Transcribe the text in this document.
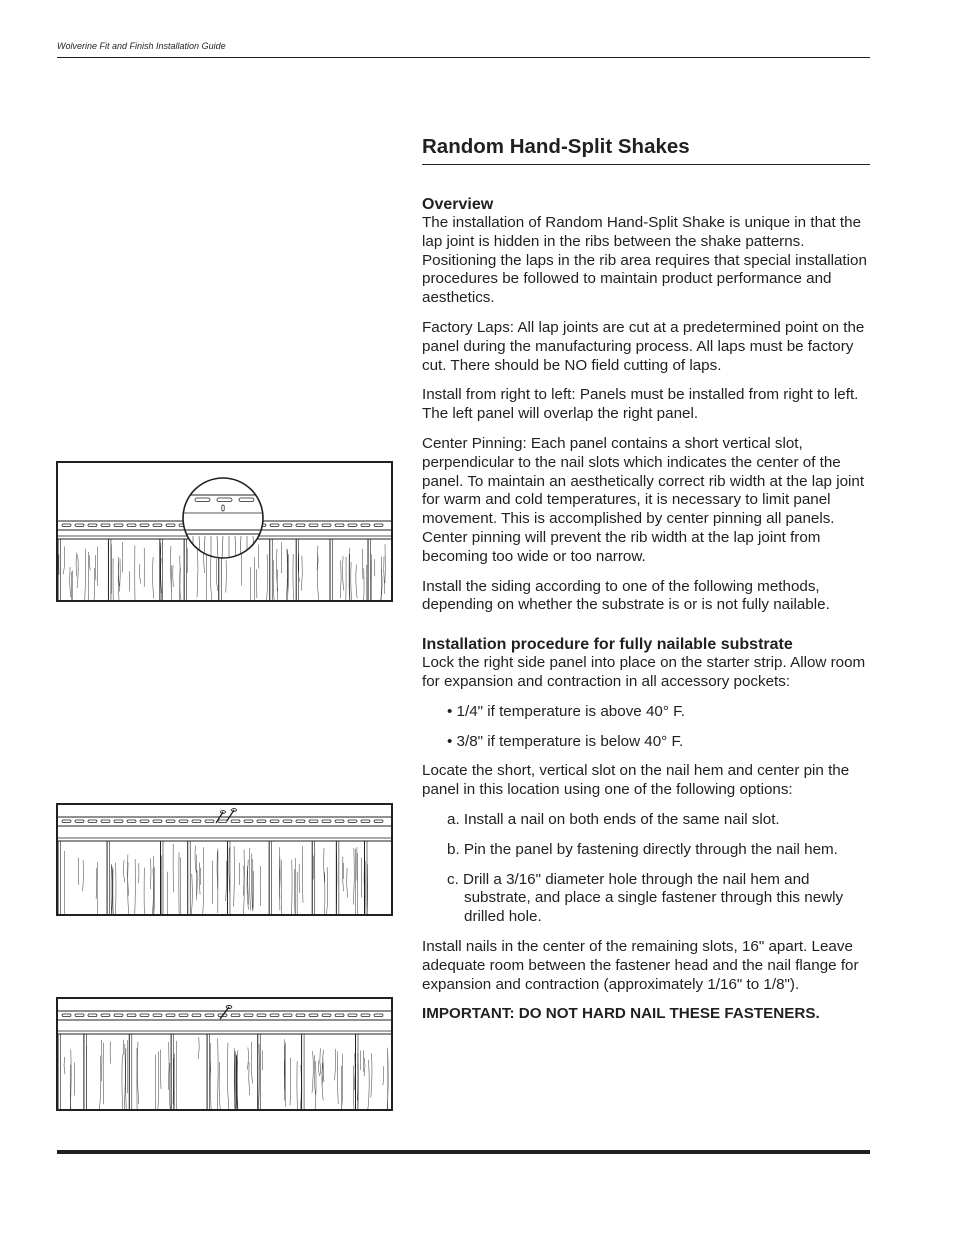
Wolverine Fit and Finish Installation Guide
Random Hand-Split Shakes
Overview

The installation of Random Hand-Split Shake is unique in that the lap joint is hidden in the ribs between the shake patterns. Positioning the laps in the rib area requires that special installation procedures be followed to maintain product performance and aesthetics.

Factory Laps: All lap joints are cut at a predetermined point on the panel during the manufacturing process. All laps must be factory cut. There should be NO field cutting of laps.

Install from right to left: Panels must be installed from right to left. The left panel will overlap the right panel.

Center Pinning: Each panel contains a short vertical slot, perpendicular to the nail slots which indicates the center of the panel. To maintain an aesthetically correct rib width at the lap joint for warm and cold temperatures, it is necessary to limit panel movement. This is accomplished by center pinning all panels. Center pinning will prevent the rib width at the lap joint from becoming too wide or too narrow.

Install the siding according to one of the following methods, depending on whether the substrate is or is not fully nailable.

Installation procedure for fully nailable substrate

Lock the right side panel into place on the starter strip. Allow room for expansion and contraction in all accessory pockets:

• 1/4" if temperature is above 40° F.

• 3/8" if temperature is below 40° F.

Locate the short, vertical slot on the nail hem and center pin the panel in this location using one of the following options:

a. Install a nail on both ends of the same nail slot.

b. Pin the panel by fastening directly through the nail hem.

c. Drill a 3/16" diameter hole through the nail hem and substrate, and place a single fastener through this newly drilled hole.

Install nails in the center of the remaining slots, 16" apart. Leave adequate room between the fastener head and the nail flange for expansion and contraction (approximately 1/16" to 1/8").

IMPORTANT: DO NOT HARD NAIL THESE FASTENERS.
